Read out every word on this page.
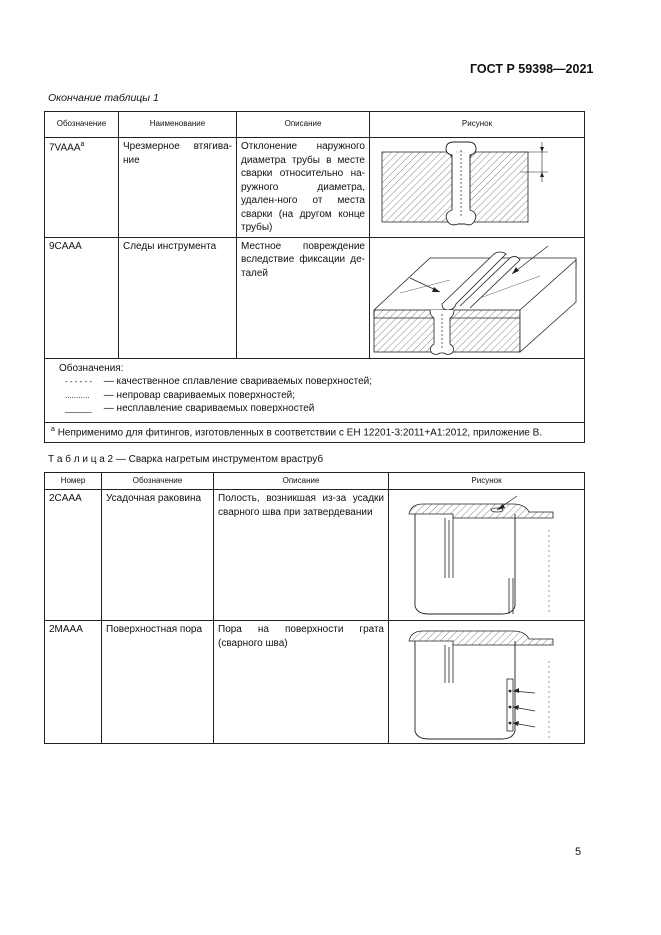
ГОСТ Р 59398—2021
Окончание таблицы 1
Обозначение	Наименование	Описание	Рисунок
7VAAA$^a$	Чрезмерное втягива-ние	Отклонение наружного диаметра трубы в месте сварки относительно на-ружного диаметра, удален-ного от места сварки (на другом конце трубы)	

9CAAA	Следы инструмента	Местное повреждение вследствие фиксации де-талей	

Обозначения:
- - - - - - — качественное сплавление свариваемых поверхностей;
........... — непровар свариваемых поверхностей;
______ — несплавление свариваемых поверхностей			

$^a$ Неприменимо для фитингов, изготовленных в соответствии с ЕН 12201-3:2011+A1:2012, приложение В.			
Т а б л и ц а 2 — Сварка нагретым инструментом враструб
Номер	Обозначение	Описание	Рисунок
2CAAA	Усадочная раковина	Полость, возникшая из-за усадки сварного шва при затвердевании	

2MAAA	Поверхностная пора	Пора на поверхности грата (сварного шва)	
5
